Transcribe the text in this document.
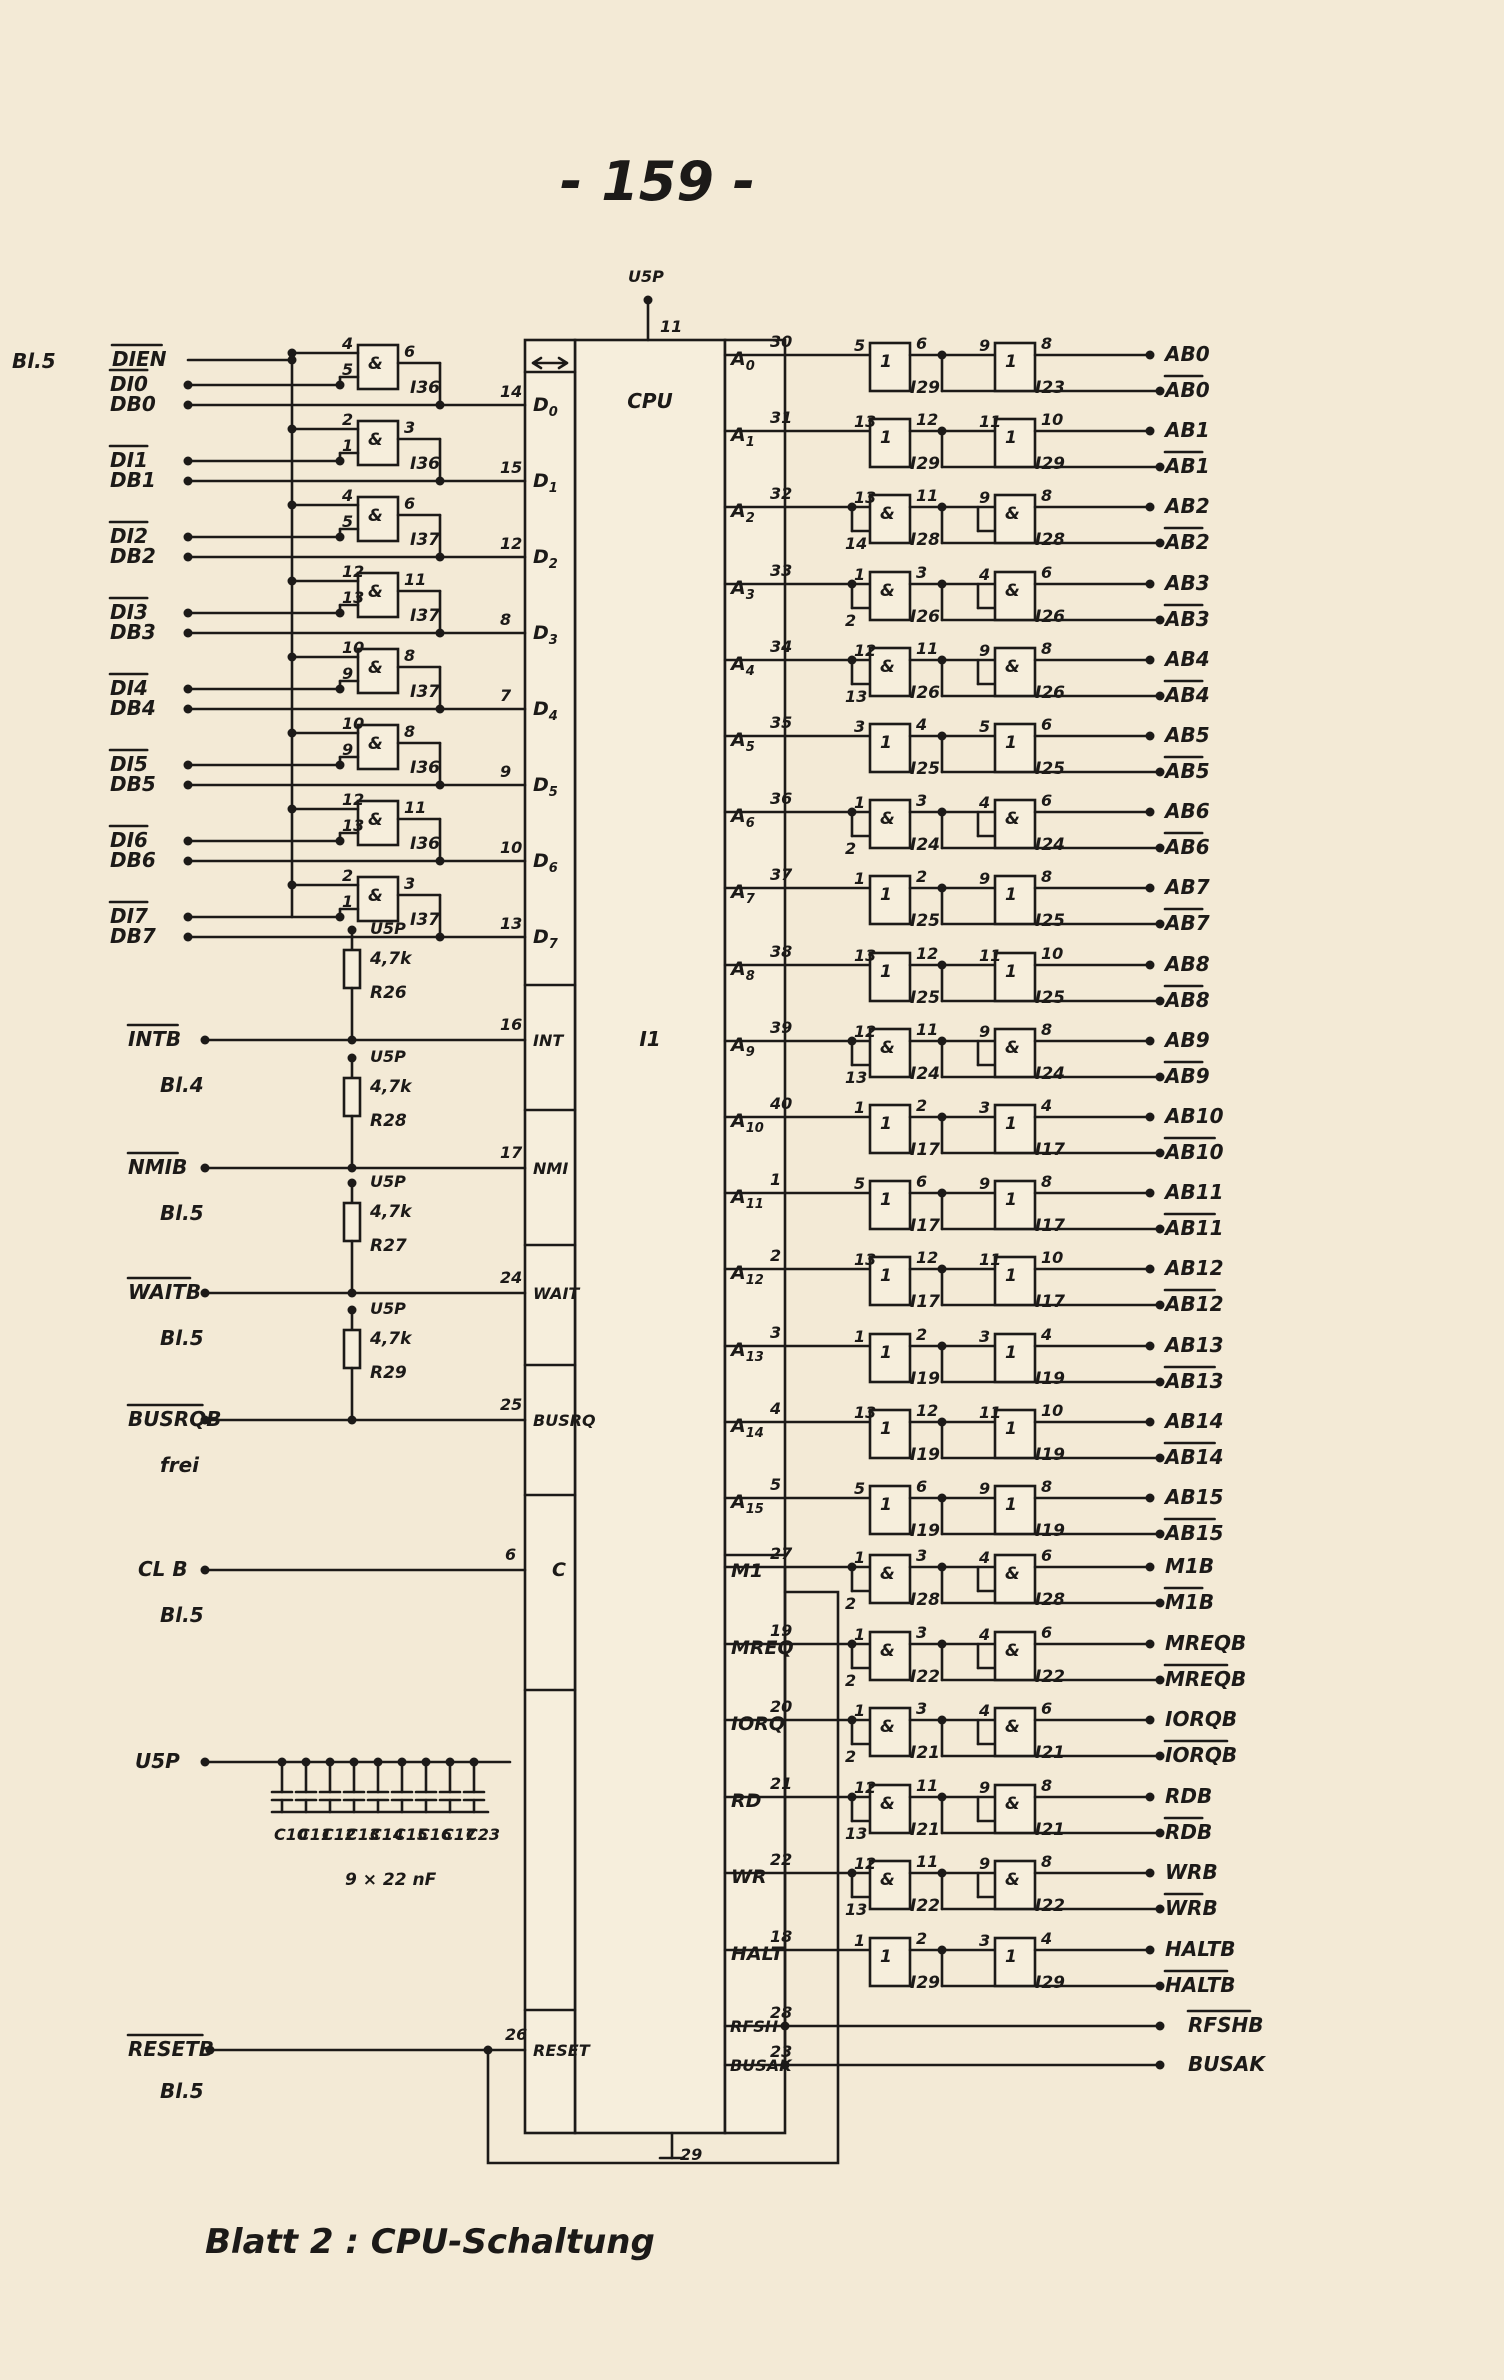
- 159 -
Blatt 2 : CPU-Schaltung
CPU
I1
U5P
11
29
DIEN
Bl.5	&
I36
4
5
6
14
DI0
DB0	$D_0$
&
I36
2
1
3
15
DI1
DB1	$D_1$
&
I37
4
5
6
12
DI2
DB2	$D_2$
&
I37
12
13
11
8
DI3
DB3	$D_3$
&
I37
10
9
8
7
DI4
DB4	$D_4$
&
I36
10
9
8
9
DI5
DB5	$D_5$
&
I36
12
13
11
10
DI6
DB6	$D_6$
&
I37
2
1
3
13
DI7
DB7	$D_7$
INTB
Bl.4
U5P
4,7k
R26
16
INT
NMIB
Bl.5
U5P
4,7k
R28
17
NMI
WAITB
Bl.5
U5P
4,7k
R27
24
WAIT
BUSRQB
frei
U5P
4,7k
R29
25
BUSRQ
CL B
Bl.5
6
C
U5P
C10
C11
C12
C13
C14
C15
C16
C17
C23
9 × 22 nF
RESETB
Bl.5
26
RESET
30
1
5	6
I29
1
9	8
I23
AB0
AB0
$A_0$
31
1
13 12
I29
1
11 10
I29
AB1
AB1
$A_1$
32
14
&
13 11
I28
&
9	8
I28
AB2
AB2
$A_2$
33
2
&
1	3
I26
&
4	6
I26
AB3
AB3
$A_3$
34
13
&
12 11
I26
&
9	8
I26
AB4
AB4
$A_4$
35
1
3	4
I25
1
5	6
I25
AB5
AB5
$A_5$
36
2
&
1	3
I24
&
4	6
I24
AB6
AB6
$A_6$
37
1
1	2
I25
1
9	8
I25
AB7
AB7
$A_7$
38
1
13 12
I25
1
11 10
I25
AB8
AB8
$A_8$
39
13
&
12 11
I24
&
9	8
I24
AB9
AB9
$A_9$
40
1
1	2
I17
1
3	4
I17
AB10
AB10
$A_{10}$
1
1
5	6
I17
1
9	8
I17
AB11
AB11
$A_{11}$
2
1
13 12
I17
1
11 10
I17
AB12
AB12
$A_{12}$
3
1
1	2
I19
1
3	4
I19
AB13
AB13
$A_{13}$
4
1
13 12
I19
1
11 10
I19
AB14
AB14
$A_{14}$
5
1
5	6
I19
1
9	8
I19
AB15
AB15
$A_{15}$
27
2
&
1	3
I28
&
4	6
I28
M1B
M1B
M1
19
2
&
1	3
I22
&
4	6
I22
MREQB
MREQB
MREQ
20
2
&
1	3
I21
&
4	6
I21
IORQB
IORQB
IORQ
21
13
&
12 11
I21
&
9	8
I21
RDB
RDB
RD
22
13
&
12 11
I22
&
9	8
I22
WRB
WRB
WR
18
1
1	2
I29
1
3	4
I29
HALTB
HALTB
HALT
28
RFSH	RFSHB
23
BUSAK	BUSAK
